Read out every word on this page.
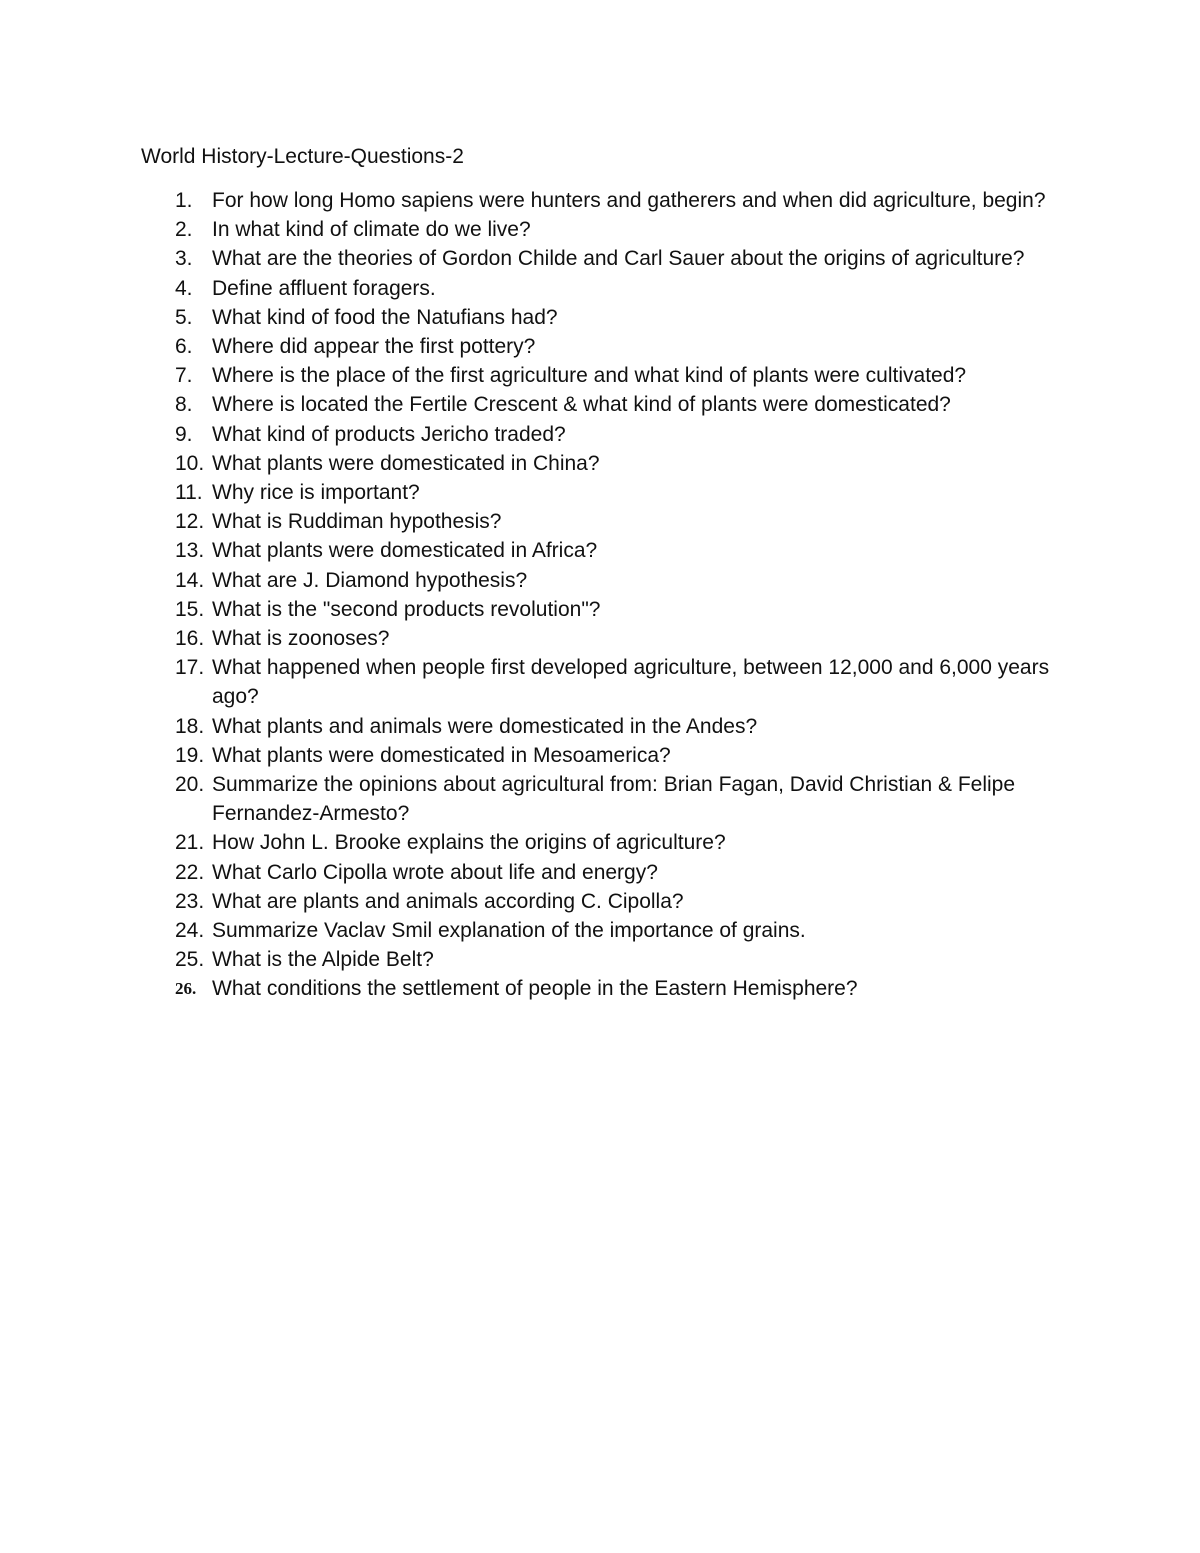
World History-Lecture-Questions-2
1. For how long Homo sapiens were hunters and gatherers and when did agriculture, begin?
2. In what kind of climate do we live?
3. What are the theories of Gordon Childe and Carl Sauer about the origins of agriculture?
4. Define affluent foragers.
5. What kind of food the Natufians had?
6. Where did appear the first pottery?
7. Where is the place of the first agriculture and what kind of plants were cultivated?
8. Where is located the Fertile Crescent & what kind of plants were domesticated?
9. What kind of products Jericho traded?
10. What plants were domesticated in China?
11. Why rice is important?
12. What is Ruddiman hypothesis?
13. What plants were domesticated in Africa?
14. What are J. Diamond hypothesis?
15. What is the "second products revolution"?
16. What is zoonoses?
17. What happened when people first developed agriculture, between 12,000 and 6,000 years ago?
18. What plants and animals were domesticated in the Andes?
19. What plants were domesticated in Mesoamerica?
20. Summarize the opinions about agricultural from: Brian Fagan, David Christian & Felipe Fernandez-Armesto?
21. How John L. Brooke explains the origins of agriculture?
22. What Carlo Cipolla wrote about life and energy?
23. What are plants and animals according C. Cipolla?
24. Summarize Vaclav Smil explanation of the importance of grains.
25. What is the Alpide Belt?
26. What conditions the settlement of people in the Eastern Hemisphere?
